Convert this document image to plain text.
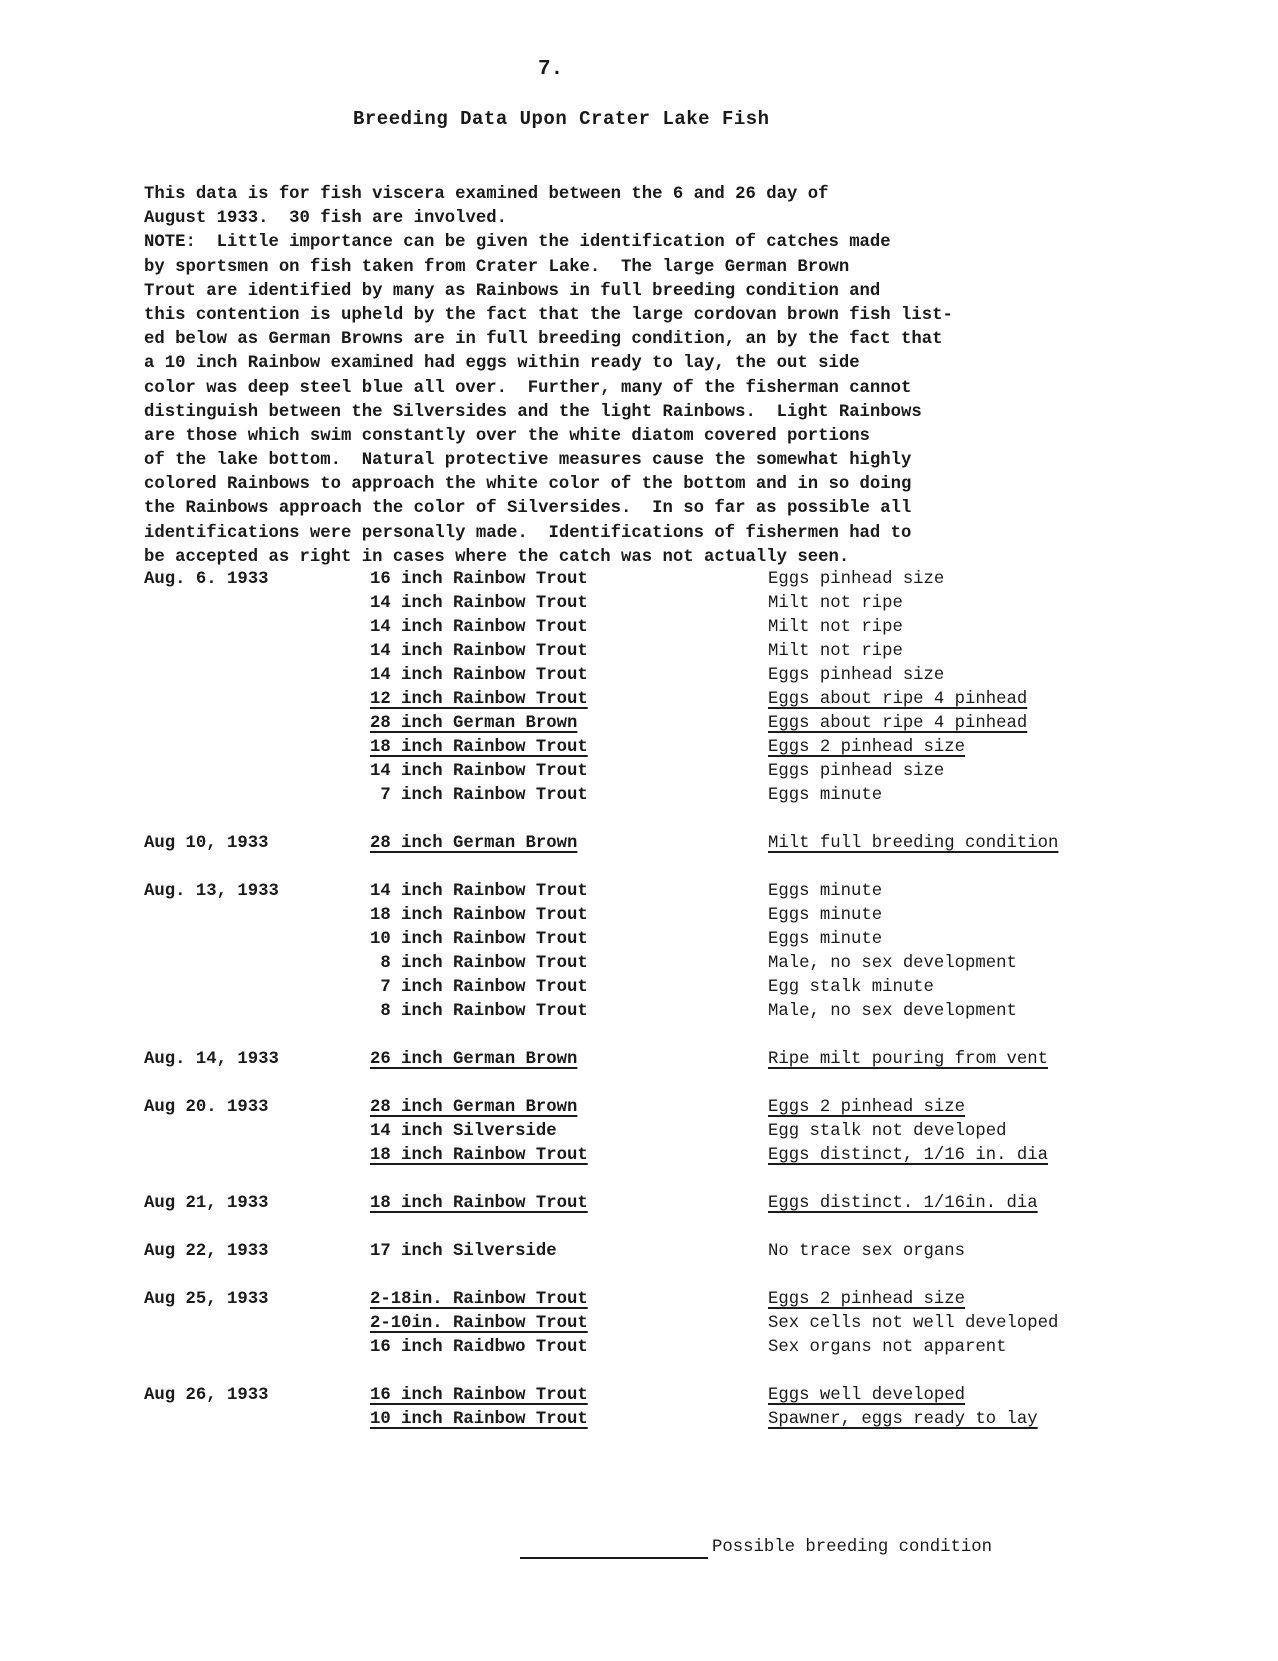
7.
Breeding Data Upon Crater Lake Fish
This data is for fish viscera examined between the 6 and 26 day of
August 1933.  30 fish are involved.
NOTE:  Little importance can be given the identification of catches made
by sportsmen on fish taken from Crater Lake.  The large German Brown
Trout are identified by many as Rainbows in full breeding condition and
this contention is upheld by the fact that the large cordovan brown fish list-
ed below as German Browns are in full breeding condition, an by the fact that
a 10 inch Rainbow examined had eggs within ready to lay, the out side
color was deep steel blue all over.  Further, many of the fisherman cannot
distinguish between the Silversides and the light Rainbows.  Light Rainbows
are those which swim constantly over the white diatom covered portions
of the lake bottom.  Natural protective measures cause the somewhat highly
colored Rainbows to approach the white color of the bottom and in so doing
the Rainbows approach the color of Silversides.  In so far as possible all
identifications were personally made.  Identifications of fishermen had to
be accepted as right in cases where the catch was not actually seen.
Aug. 6. 1933	16 inch Rainbow Trout	Eggs pinhead size
14 inch Rainbow Trout	Milt not ripe
14 inch Rainbow Trout	Milt not ripe
14 inch Rainbow Trout	Milt not ripe
14 inch Rainbow Trout	Eggs pinhead size
12 inch Rainbow Trout	Eggs about ripe 4 pinhead
28 inch German Brown	Eggs about ripe 4 pinhead
18 inch Rainbow Trout	Eggs 2 pinhead size
14 inch Rainbow Trout	Eggs pinhead size
7 inch Rainbow Trout	Eggs minute
Aug 10, 1933	28 inch German Brown	Milt full breeding condition
Aug. 13, 1933	14 inch Rainbow Trout	Eggs minute
18 inch Rainbow Trout	Eggs minute
10 inch Rainbow Trout	Eggs minute
8 inch Rainbow Trout	Male, no sex development
7 inch Rainbow Trout	Egg stalk minute
8 inch Rainbow Trout	Male, no sex development
Aug. 14, 1933	26 inch German Brown	Ripe milt pouring from vent
Aug 20. 1933	28 inch German Brown	Eggs 2 pinhead size
14 inch Silverside	Egg stalk not developed
18 inch Rainbow Trout	Eggs distinct, 1/16 in. dia
Aug 21, 1933	18 inch Rainbow Trout	Eggs distinct. 1/16in. dia
Aug 22, 1933	17 inch Silverside	No trace sex organs
Aug 25, 1933	2-18in. Rainbow Trout	Eggs 2 pinhead size
2-10in. Rainbow Trout	Sex cells not well developed
16 inch Raidbwo Trout	Sex organs not apparent
Aug 26, 1933	16 inch Rainbow Trout	Eggs well developed
10 inch Rainbow Trout	Spawner, eggs ready to lay
Possible breeding condition
